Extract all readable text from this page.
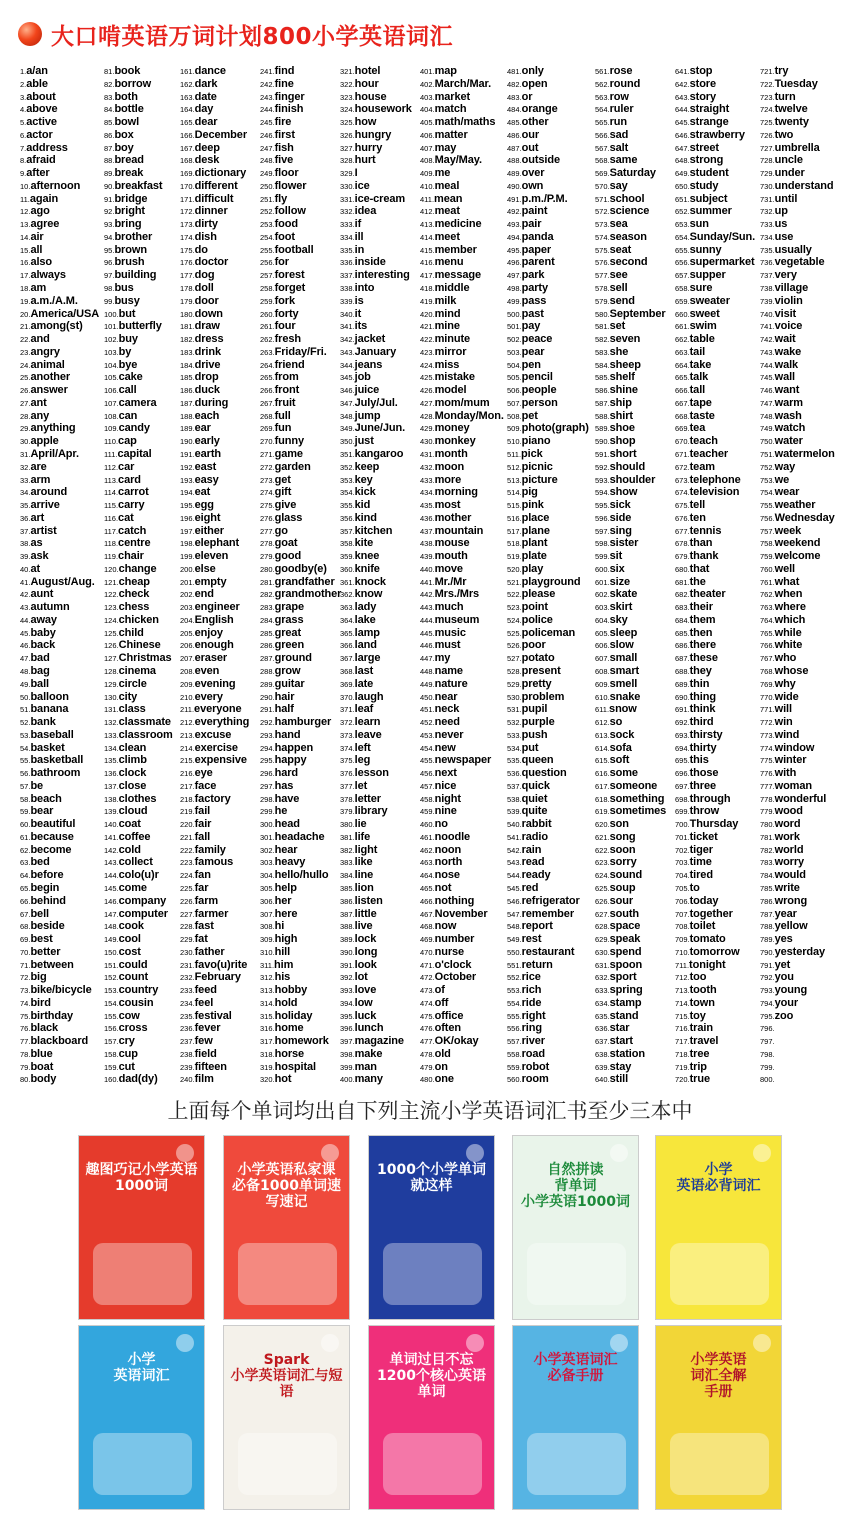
大口啃英语万词计划800小学英语词汇
1.a/an
2.able
3.about
4.above
5.active
6.actor
7.address
8.afraid
9.after
10.afternoon
11.again
12.ago
13.agree
14.air
15.all
16.also
17.always
18.am
19.a.m./A.M.
20.America/USA
21.among(st)
22.and
23.angry
24.animal
25.another
26.answer
27.ant
28.any
29.anything
30.apple
31.April/Apr.
32.are
33.arm
34.around
35.arrive
36.art
37.artist
38.as
39.ask
40.at
41.August/Aug.
42.aunt
43.autumn
44.away
45.baby
46.back
47.bad
48.bag
49.ball
50.balloon
51.banana
52.bank
53.baseball
54.basket
55.basketball
56.bathroom
57.be
58.beach
59.bear
60.beautiful
61.because
62.become
63.bed
64.before
65.begin
66.behind
67.bell
68.beside
69.best
70.better
71.between
72.big
73.bike/bicycle
74.bird
75.birthday
76.black
77.blackboard
78.blue
79.boat
80.body
81.book
82.borrow
83.both
84.bottle
85.bowl
86.box
87.boy
88.bread
89.break
90.breakfast
91.bridge
92.bright
93.bring
94.brother
95.brown
96.brush
97.building
98.bus
99.busy
100.but
101.butterfly
102.buy
103.by
104.bye
105.cake
106.call
107.camera
108.can
109.candy
110.cap
111.capital
112.car
113.card
114.carrot
115.carry
116.cat
117.catch
118.centre
119.chair
120.change
121.cheap
122.check
123.chess
124.chicken
125.child
126.Chinese
127.Christmas
128.cinema
129.circle
130.city
131.class
132.classmate
133.classroom
134.clean
135.climb
136.clock
137.close
138.clothes
139.cloud
140.coat
141.coffee
142.cold
143.collect
144.colo(u)r
145.come
146.company
147.computer
148.cook
149.cool
150.cost
151.could
152.count
153.country
154.cousin
155.cow
156.cross
157.cry
158.cup
159.cut
160.dad(dy)
161.dance
162.dark
163.date
164.day
165.dear
166.December
167.deep
168.desk
169.dictionary
170.different
171.difficult
172.dinner
173.dirty
174.dish
175.do
176.doctor
177.dog
178.doll
179.door
180.down
181.draw
182.dress
183.drink
184.drive
185.drop
186.duck
187.during
188.each
189.ear
190.early
191.earth
192.east
193.easy
194.eat
195.egg
196.eight
197.either
198.elephant
199.eleven
200.else
201.empty
202.end
203.engineer
204.English
205.enjoy
206.enough
207.eraser
208.even
209.evening
210.every
211.everyone
212.everything
213.excuse
214.exercise
215.expensive
216.eye
217.face
218.factory
219.fail
220.fair
221.fall
222.family
223.famous
224.fan
225.far
226.farm
227.farmer
228.fast
229.fat
230.father
231.favo(u)rite
232.February
233.feed
234.feel
235.festival
236.fever
237.few
238.field
239.fifteen
240.film
241.find
242.fine
243.finger
244.finish
245.fire
246.first
247.fish
248.five
249.floor
250.flower
251.fly
252.follow
253.food
254.foot
255.football
256.for
257.forest
258.forget
259.fork
260.forty
261.four
262.fresh
263.Friday/Fri.
264.friend
265.from
266.front
267.fruit
268.full
269.fun
270.funny
271.game
272.garden
273.get
274.gift
275.give
276.glass
277.go
278.goat
279.good
280.goodby(e)
281.grandfather
282.grandmother
283.grape
284.grass
285.great
286.green
287.ground
288.grow
289.guitar
290.hair
291.half
292.hamburger
293.hand
294.happen
295.happy
296.hard
297.has
298.have
299.he
300.head
301.headache
302.hear
303.heavy
304.hello/hullo
305.help
306.her
307.here
308.hi
309.high
310.hill
311.him
312.his
313.hobby
314.hold
315.holiday
316.home
317.homework
318.horse
319.hospital
320.hot
321.hotel
322.hour
323.house
324.housework
325.how
326.hungry
327.hurry
328.hurt
329.I
330.ice
331.ice-cream
332.idea
333.if
334.ill
335.in
336.inside
337.interesting
338.into
339.is
340.it
341.its
342.jacket
343.January
344.jeans
345.job
346.juice
347.July/Jul.
348.jump
349.June/Jun.
350.just
351.kangaroo
352.keep
353.key
354.kick
355.kid
356.kind
357.kitchen
358.kite
359.knee
360.knife
361.knock
362.know
363.lady
364.lake
365.lamp
366.land
367.large
368.last
369.late
370.laugh
371.leaf
372.learn
373.leave
374.left
375.leg
376.lesson
377.let
378.letter
379.library
380.lie
381.life
382.light
383.like
384.line
385.lion
386.listen
387.little
388.live
389.lock
390.long
391.look
392.lot
393.love
394.low
395.luck
396.lunch
397.magazine
398.make
399.man
400.many
401.map
402.March/Mar.
403.market
404.match
405.math/maths
406.matter
407.may
408.May/May.
409.me
410.meal
411.mean
412.meat
413.medicine
414.meet
415.member
416.menu
417.message
418.middle
419.milk
420.mind
421.mine
422.minute
423.mirror
424.miss
425.mistake
426.model
427.mom/mum
428.Monday/Mon.
429.money
430.monkey
431.month
432.moon
433.more
434.morning
435.most
436.mother
437.mountain
438.mouse
439.mouth
440.move
441.Mr./Mr
442.Mrs./Mrs
443.much
444.museum
445.music
446.must
447.my
448.name
449.nature
450.near
451.neck
452.need
453.never
454.new
455.newspaper
456.next
457.nice
458.night
459.nine
460.no
461.noodle
462.noon
463.north
464.nose
465.not
466.nothing
467.November
468.now
469.number
470.nurse
471.o'clock
472.October
473.of
474.off
475.office
476.often
477.OK/okay
478.old
479.on
480.one
481.only
482.open
483.or
484.orange
485.other
486.our
487.out
488.outside
489.over
490.own
491.p.m./P.M.
492.paint
493.pair
494.panda
495.paper
496.parent
497.park
498.party
499.pass
500.past
501.pay
502.peace
503.pear
504.pen
505.pencil
506.people
507.person
508.pet
509.photo(graph)
510.piano
511.pick
512.picnic
513.picture
514.pig
515.pink
516.place
517.plane
518.plant
519.plate
520.play
521.playground
522.please
523.point
524.police
525.policeman
526.poor
527.potato
528.present
529.pretty
530.problem
531.pupil
532.purple
533.push
534.put
535.queen
536.question
537.quick
538.quiet
539.quite
540.rabbit
541.radio
542.rain
543.read
544.ready
545.red
546.refrigerator
547.remember
548.report
549.rest
550.restaurant
551.return
552.rice
553.rich
554.ride
555.right
556.ring
557.river
558.road
559.robot
560.room
561.rose
562.round
563.row
564.ruler
565.run
566.sad
567.salt
568.same
569.Saturday
570.say
571.school
572.science
573.sea
574.season
575.seat
576.second
577.see
578.sell
579.send
580.September
581.set
582.seven
583.she
584.sheep
585.shelf
586.shine
587.ship
588.shirt
589.shoe
590.shop
591.short
592.should
593.shoulder
594.show
595.sick
596.side
597.sing
598.sister
599.sit
600.six
601.size
602.skate
603.skirt
604.sky
605.sleep
606.slow
607.small
608.smart
609.smell
610.snake
611.snow
612.so
613.sock
614.sofa
615.soft
616.some
617.someone
618.something
619.sometimes
620.son
621.song
622.soon
623.sorry
624.sound
625.soup
626.sour
627.south
628.space
629.speak
630.spend
631.spoon
632.sport
633.spring
634.stamp
635.stand
636.star
637.start
638.station
639.stay
640.still
641.stop
642.store
643.story
644.straight
645.strange
646.strawberry
647.street
648.strong
649.student
650.study
651.subject
652.summer
653.sun
654.Sunday/Sun.
655.sunny
656.supermarket
657.supper
658.sure
659.sweater
660.sweet
661.swim
662.table
663.tail
664.take
665.talk
666.tall
667.tape
668.taste
669.tea
670.teach
671.teacher
672.team
673.telephone
674.television
675.tell
676.ten
677.tennis
678.than
679.thank
680.that
681.the
682.theater
683.their
684.them
685.then
686.there
687.these
688.they
689.thin
690.thing
691.think
692.third
693.thirsty
694.thirty
695.this
696.those
697.three
698.through
699.throw
700.Thursday
701.ticket
702.tiger
703.time
704.tired
705.to
706.today
707.together
708.toilet
709.tomato
710.tomorrow
711.tonight
712.too
713.tooth
714.town
715.toy
716.train
717.travel
718.tree
719.trip
720.true
721.try
722.Tuesday
723.turn
724.twelve
725.twenty
726.two
727.umbrella
728.uncle
729.under
730.understand
731.until
732.up
733.us
734.use
735.usually
736.vegetable
737.very
738.village
739.violin
740.visit
741.voice
742.wait
743.wake
744.walk
745.wall
746.want
747.warm
748.wash
749.watch
750.water
751.watermelon
752.way
753.we
754.wear
755.weather
756.Wednesday
757.week
758.weekend
759.welcome
760.well
761.what
762.when
763.where
764.which
765.while
766.white
767.who
768.whose
769.why
770.wide
771.will
772.win
773.wind
774.window
775.winter
776.with
777.woman
778.wonderful
779.wood
780.word
781.work
782.world
783.worry
784.would
785.write
786.wrong
787.year
788.yellow
789.yes
790.yesterday
791.yet
792.you
793.young
794.your
795.zoo
796.
797.
798.
799.
800.
上面每个单词均出自下列主流小学英语词汇书至少三本中
趣图巧记小学英语
1000词
小学英语私家课
必备1000单词速写速记
1000个小学单词
就这样
自然拼读
背单词
小学英语1000词
小学
英语必背词汇
小学
英语词汇
Spark
小学英语词汇与短语
单词过目不忘
1200个核心英语单词
小学英语词汇
必备手册
小学英语
词汇全解
手册
